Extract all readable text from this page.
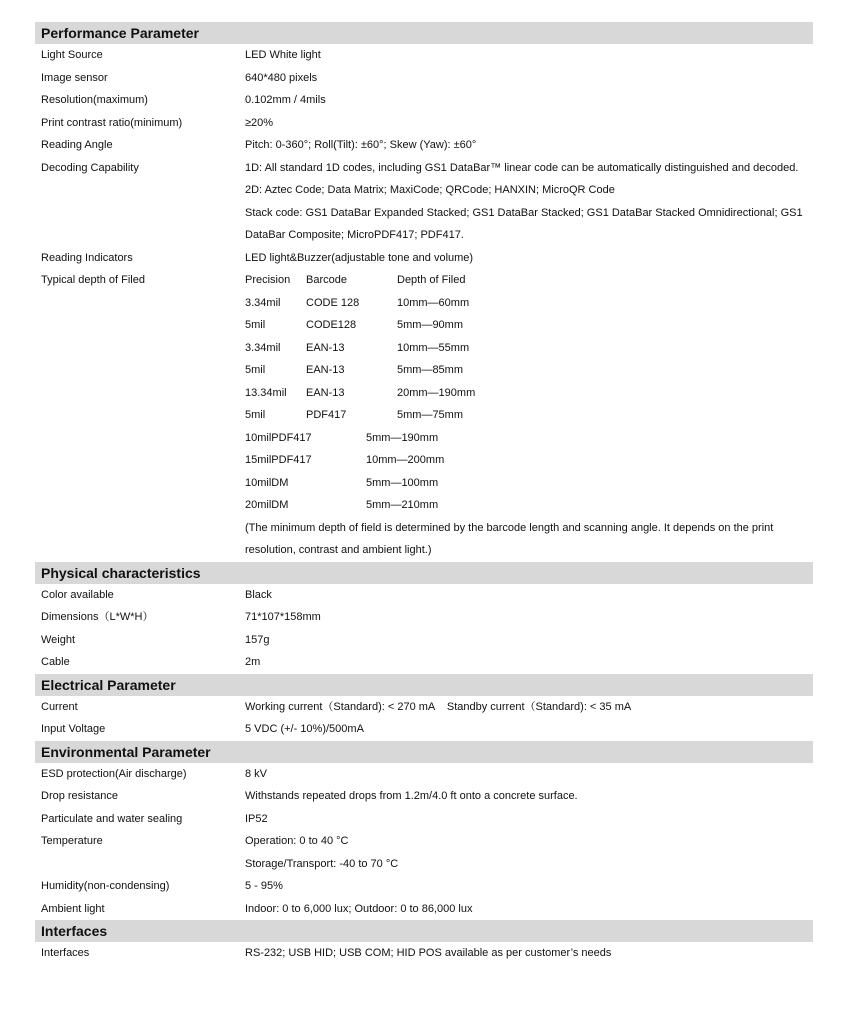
Performance Parameter
Light Source	LED White light
Image sensor	640*480 pixels
Resolution(maximum)	0.102mm / 4mils
Print contrast ratio(minimum)	≥20%
Reading Angle	Pitch: 0-360°; Roll(Tilt): ±60°; Skew (Yaw): ±60°
Decoding Capability	1D: All standard 1D codes, including GS1 DataBar™ linear code can be automatically distinguished and decoded.
2D: Aztec Code; Data Matrix; MaxiCode; QRCode; HANXIN; MicroQR Code
Stack code: GS1 DataBar Expanded Stacked; GS1 DataBar Stacked; GS1 DataBar Stacked Omnidirectional; GS1 DataBar Composite; MicroPDF417; PDF417.
Reading Indicators	LED light&Buzzer(adjustable tone and volume)
Typical depth of Filed	Precision	Barcode	Depth of Filed
3.34mil	CODE 128	10mm—60mm
5mil	CODE128	5mm—90mm
3.34mil	EAN-13	10mm—55mm
5mil	EAN-13	5mm—85mm
13.34mil	EAN-13	20mm—190mm
5mil	PDF417	5mm—75mm
10milPDF417	5mm—190mm
15milPDF417	10mm—200mm
10milDM	5mm—100mm
20milDM	5mm—210mm
(The minimum depth of field is determined by the barcode length and scanning angle. It depends on the print resolution, contrast and ambient light.)
Physical characteristics
Color available	Black
Dimensions（L*W*H）	71*107*158mm
Weight	157g
Cable	2m
Electrical Parameter
Current	Working current（Standard): < 270 mA    Standby current（Standard): < 35 mA
Input Voltage	5 VDC (+/- 10%)/500mA
Environmental Parameter
ESD protection(Air discharge)	8 kV
Drop resistance	Withstands repeated drops from 1.2m/4.0 ft onto a concrete surface.
Particulate and water sealing	IP52
Temperature	Operation: 0 to 40 °C
Storage/Transport: -40 to 70 °C
Humidity(non-condensing)	5 - 95%
Ambient light	Indoor: 0 to 6,000 lux; Outdoor: 0 to 86,000 lux
Interfaces
Interfaces	RS-232; USB HID; USB COM; HID POS available as per customer’s needs
